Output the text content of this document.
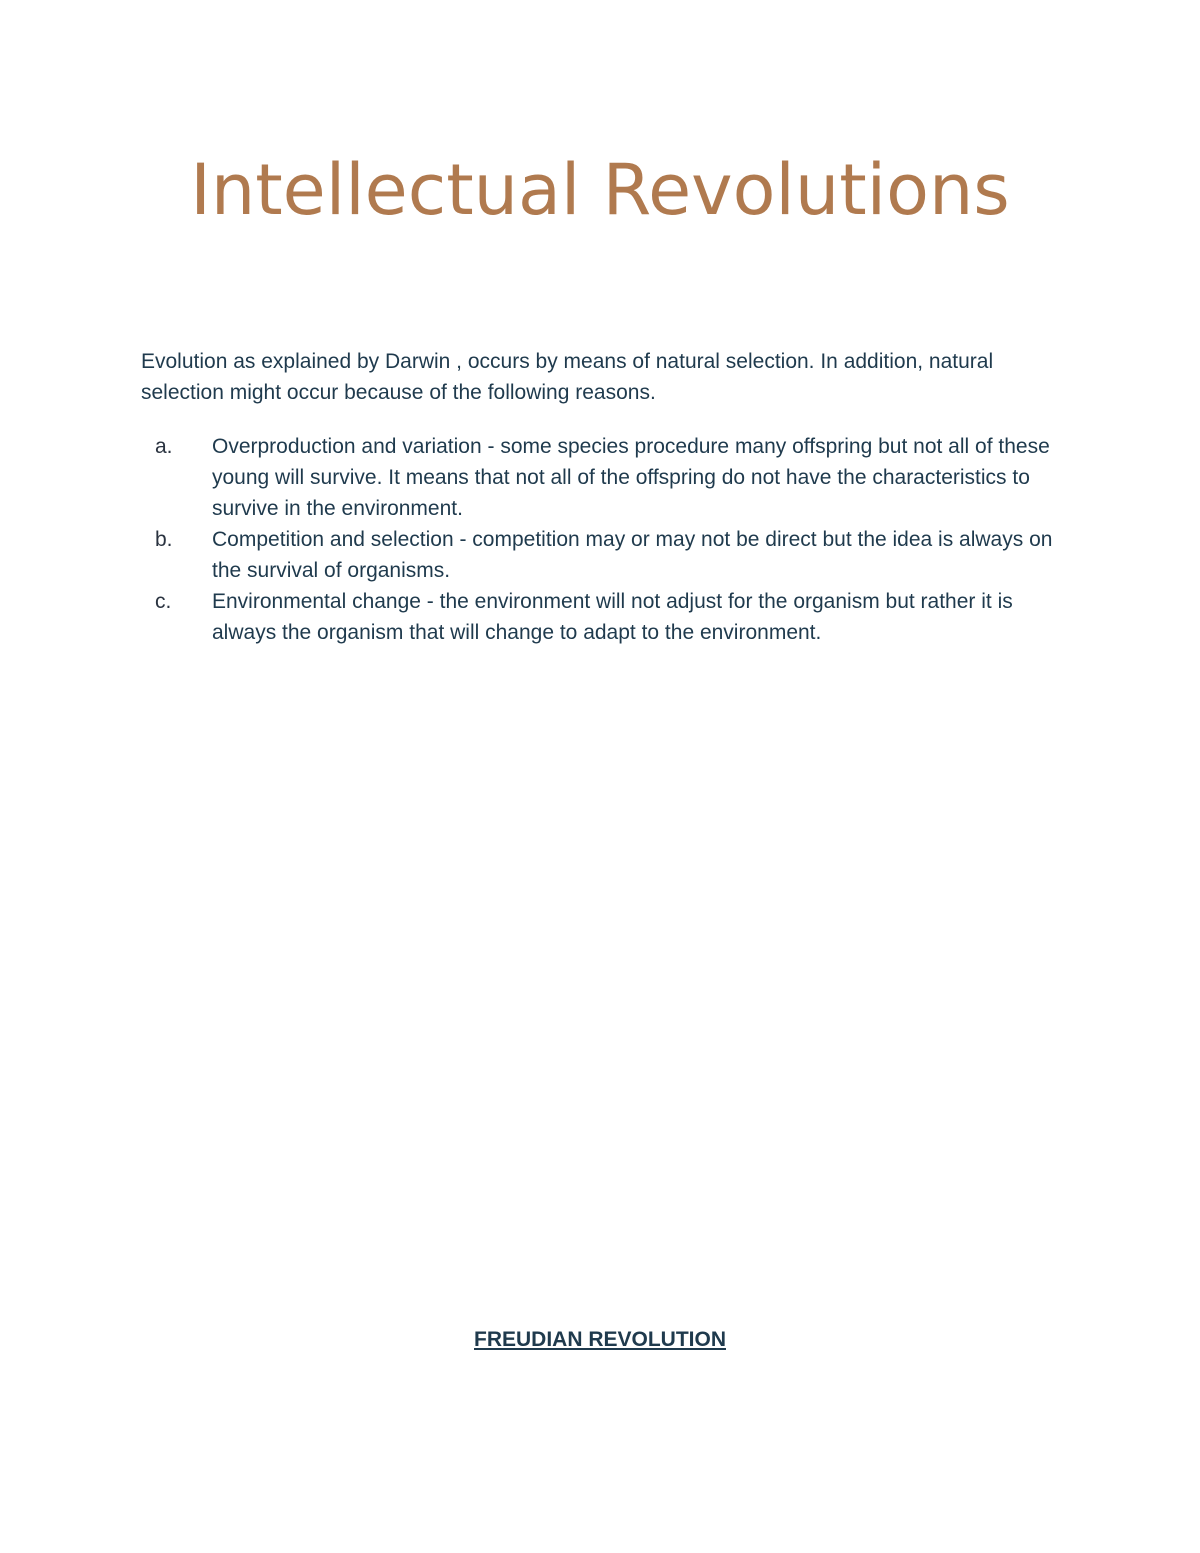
Intellectual Revolutions

Evolution as explained by Darwin , occurs by means of natural selection. In addition, natural selection might occur because of the following reasons.

a. Overproduction and variation - some species procedure many offspring but not all of these young will survive. It means that not all of the offspring do not have the characteristics to survive in the environment.
b. Competition and selection - competition may or may not be direct but the idea is always on the survival of organisms.
c. Environmental change - the environment will not adjust for the organism but rather it is always the organism that will change to adapt to the environment.
FREUDIAN REVOLUTION
